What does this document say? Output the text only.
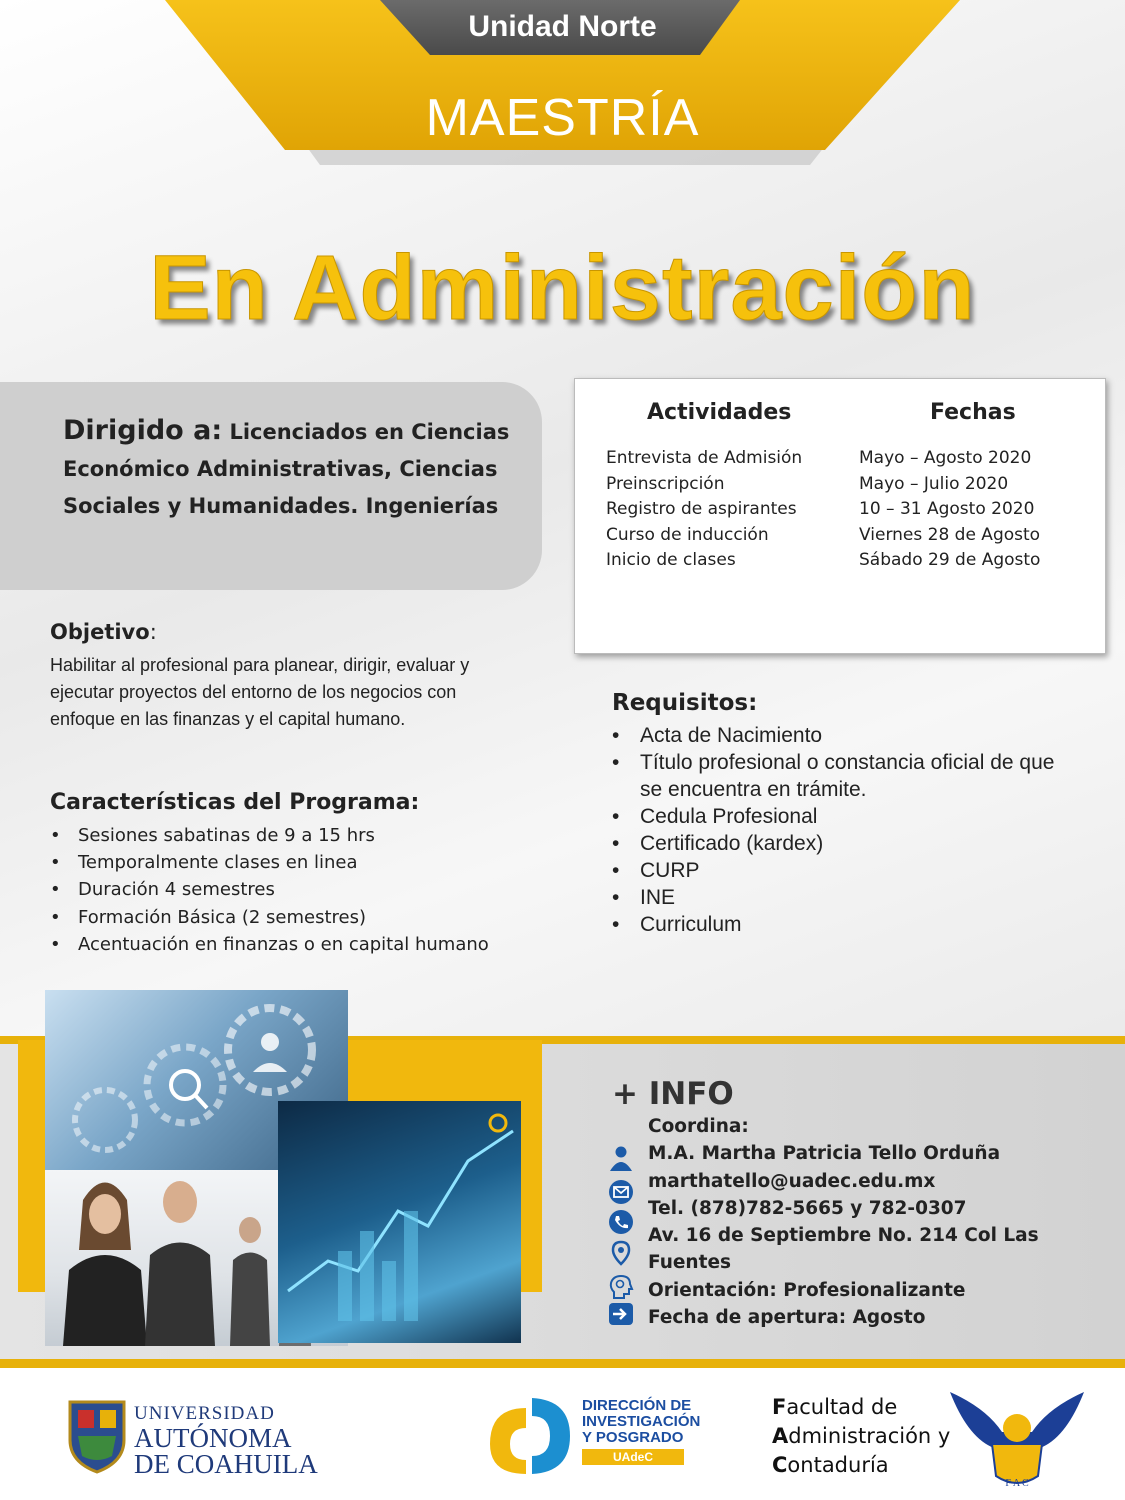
Unidad Norte
MAESTRÍA
En Administración
Dirigido a: Licenciados en Ciencias Económico Administrativas, Ciencias Sociales y Humanidades. Ingenierías
Actividades	Fechas
Entrevista de Admisión
Preinscripción
Registro de aspirantes
Curso de inducción
Inicio de clases
Mayo – Agosto 2020
Mayo – Julio 2020
10 – 31 Agosto 2020
Viernes 28 de Agosto
Sábado 29 de Agosto
Objetivo:
Habilitar al profesional para planear, dirigir, evaluar y ejecutar proyectos del entorno de los negocios con enfoque en las finanzas y el capital humano.
Características del Programa:
• Sesiones sabatinas de 9 a 15 hrs
• Temporalmente clases en linea
• Duración 4 semestres
• Formación Básica (2 semestres)
• Acentuación en finanzas o en capital humano
Requisitos:
• Acta de Nacimiento
• Título profesional o constancia oficial de que se encuentra en trámite.
• Cedula Profesional
• Certificado (kardex)
• CURP
• INE
• Curriculum
+ INFO
Coordina:
M.A. Martha Patricia Tello Orduña
marthatello@uadec.edu.mx
Tel. (878)782-5665 y 782-0307
Av. 16 de Septiembre No. 214 Col Las Fuentes
Orientación: Profesionalizante
Fecha de apertura: Agosto
UNIVERSIDAD
AUTÓNOMA
DE COAHUILA
DIRECCIÓN DE
INVESTIGACIÓN
Y POSGRADO
UAdeC
Facultad de
Administración y
Contaduría
F A C
